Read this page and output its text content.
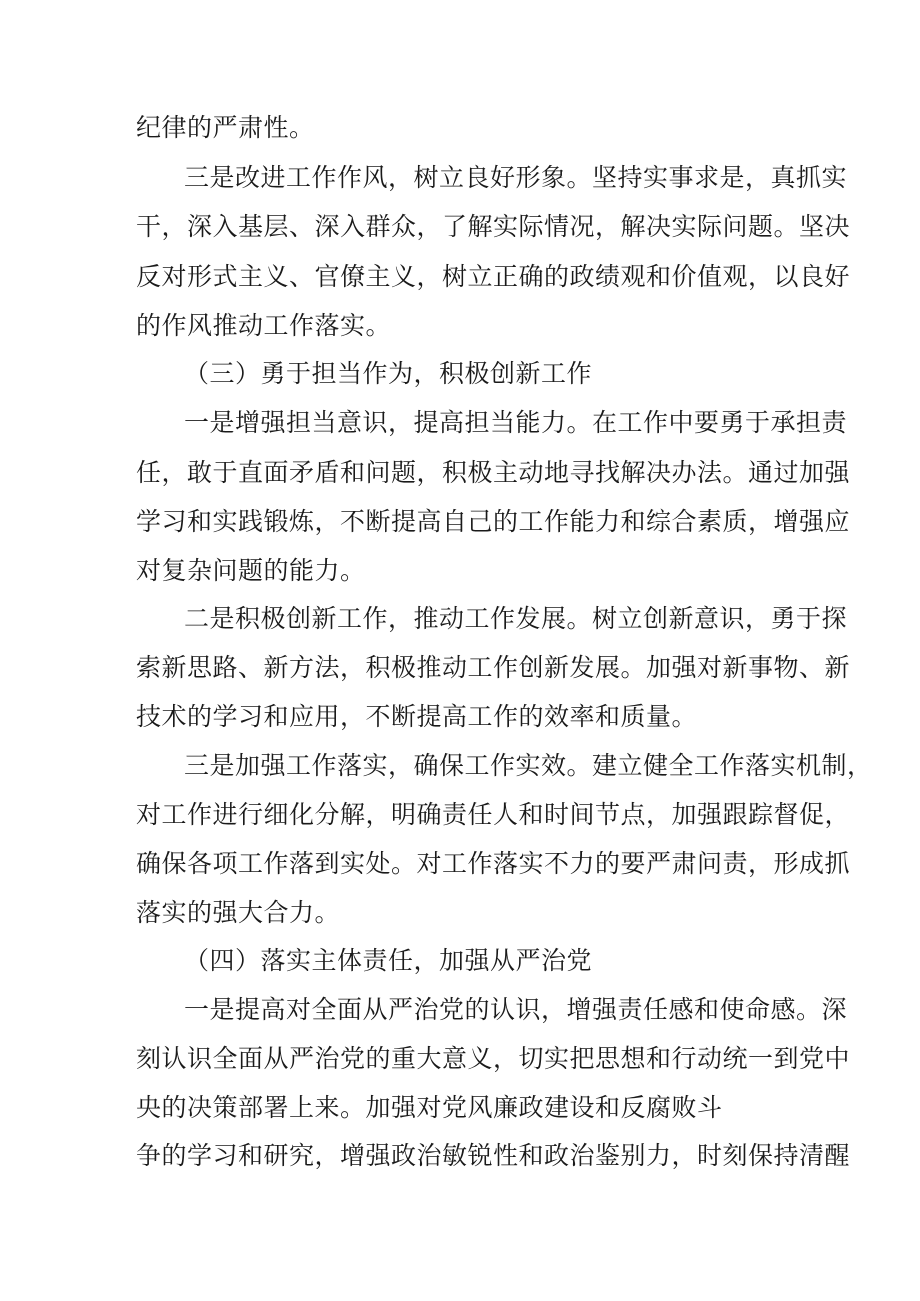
纪律的严肃性。
三是改进工作作风，树立良好形象。坚持实事求是，真抓实
干，深入基层、深入群众，了解实际情况，解决实际问题。坚决
反对形式主义、官僚主义，树立正确的政绩观和价值观，以良好
的作风推动工作落实。
（三）勇于担当作为，积极创新工作
一是增强担当意识，提高担当能力。在工作中要勇于承担责
任，敢于直面矛盾和问题，积极主动地寻找解决办法。通过加强
学习和实践锻炼，不断提高自己的工作能力和综合素质，增强应
对复杂问题的能力。
二是积极创新工作，推动工作发展。树立创新意识，勇于探
索新思路、新方法，积极推动工作创新发展。加强对新事物、新
技术的学习和应用，不断提高工作的效率和质量。
三是加强工作落实，确保工作实效。建立健全工作落实机制，
对工作进行细化分解，明确责任人和时间节点，加强跟踪督促，
确保各项工作落到实处。对工作落实不力的要严肃问责，形成抓
落实的强大合力。
（四）落实主体责任，加强从严治党
一是提高对全面从严治党的认识，增强责任感和使命感。深
刻认识全面从严治党的重大意义，切实把思想和行动统一到党中
央的决策部署上来。加强对党风廉政建设和反腐败斗
争的学习和研究，增强政治敏锐性和政治鉴别力，时刻保持清醒
